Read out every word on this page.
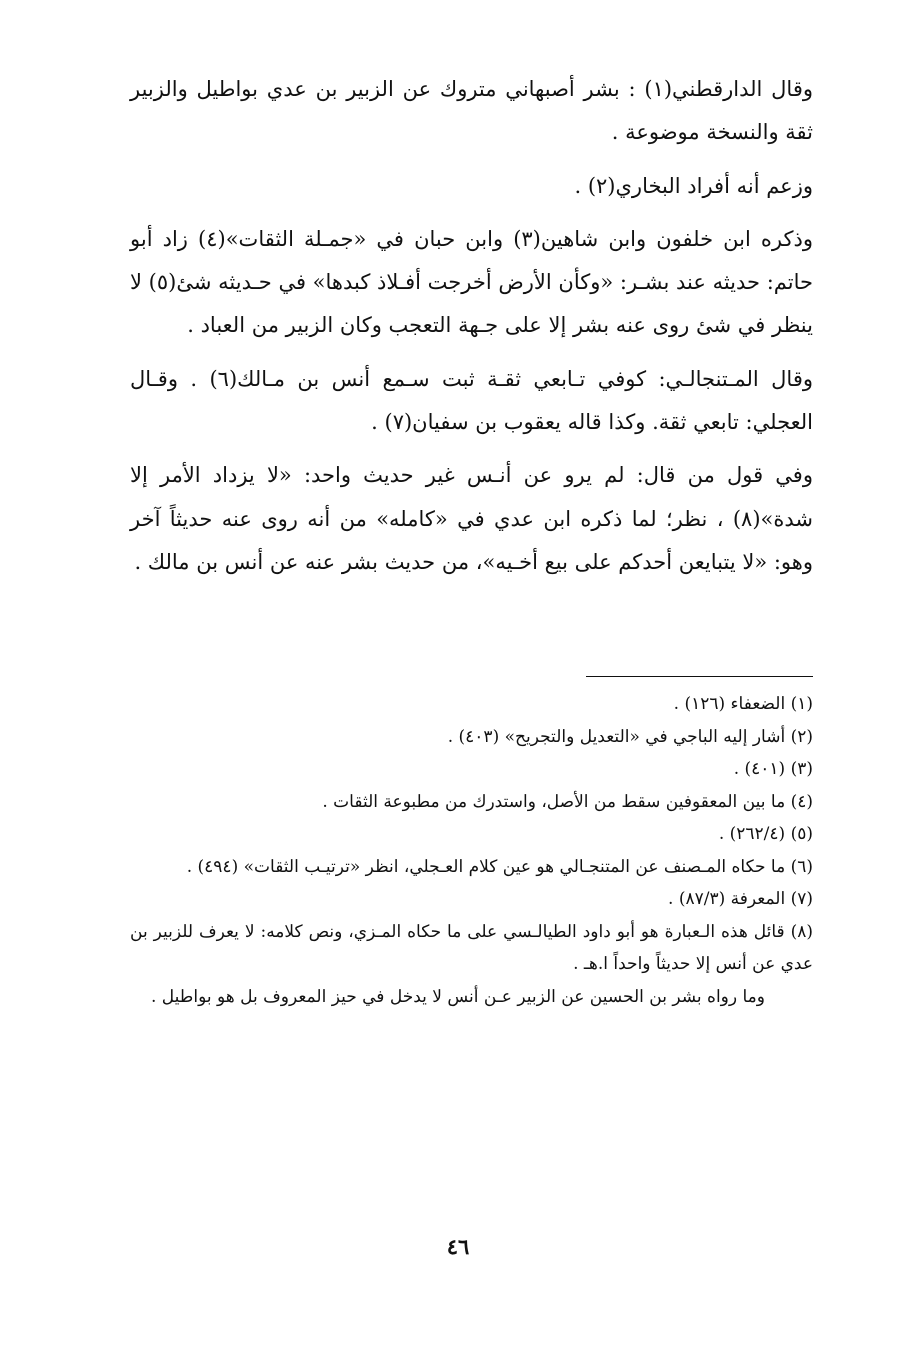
وقال الدارقطني(١) : بشر أصبهاني متروك عن الزبير بن عدي بواطيل والزبير ثقة والنسخة موضوعة .

وزعم أنه أفراد البخاري(٢) .

وذكره ابن خلفون وابن شاهين(٣) وابن حبان في «جمـلة الثقات»(٤) زاد أبو حاتم: حديثه عند بشـر: «وكأن الأرض أخرجت أفـلاذ كبدها» في حـديثه شئ(٥) لا ينظر في شئ روى عنه بشر إلا على جـهة التعجب وكان الزبير من العباد .

وقال المـتنجالـي: كوفي تـابعي ثقـة ثبت سـمع أنس بن مـالك(٦) . وقـال العجلي: تابعي ثقة. وكذا قاله يعقوب بن سفيان(٧) .

وفي قول من قال: لم يرو عن أنـس غير حديث واحد: «لا يزداد الأمر إلا شدة»(٨) ، نظر؛ لما ذكره ابن عدي في «كامله» من أنه روى عنه حديثاً آخر وهو: «لا يتبايعن أحدكم على بيع أخـيه»، من حديث بشر عنه عن أنس بن مالك .

(١) الضعفاء (١٢٦) .

(٢) أشار إليه الباجي في «التعديل والتجريح» (٤٠٣) .

(٣) (٤٠١) .

(٤) ما بين المعقوفين سقط من الأصل، واستدرك من مطبوعة الثقات .

(٥) (٢٦٢/٤) .

(٦) ما حكاه المـصنف عن المتنجـالي هو عين كلام العـجلي، انظر «ترتيـب الثقات» (٤٩٤) .

(٧) المعرفة (٨٧/٣) .

(٨) قائل هذه الـعبارة هو أبو داود الطيالـسي على ما حكاه المـزي، ونص كلامه: لا يعرف للزبير بن عدي عن أنس إلا حديثاً واحداً ا.هـ .

وما رواه بشر بن الحسين عن الزبير عـن أنس لا يدخل في حيز المعروف بل هو بواطيل .

٤٦
